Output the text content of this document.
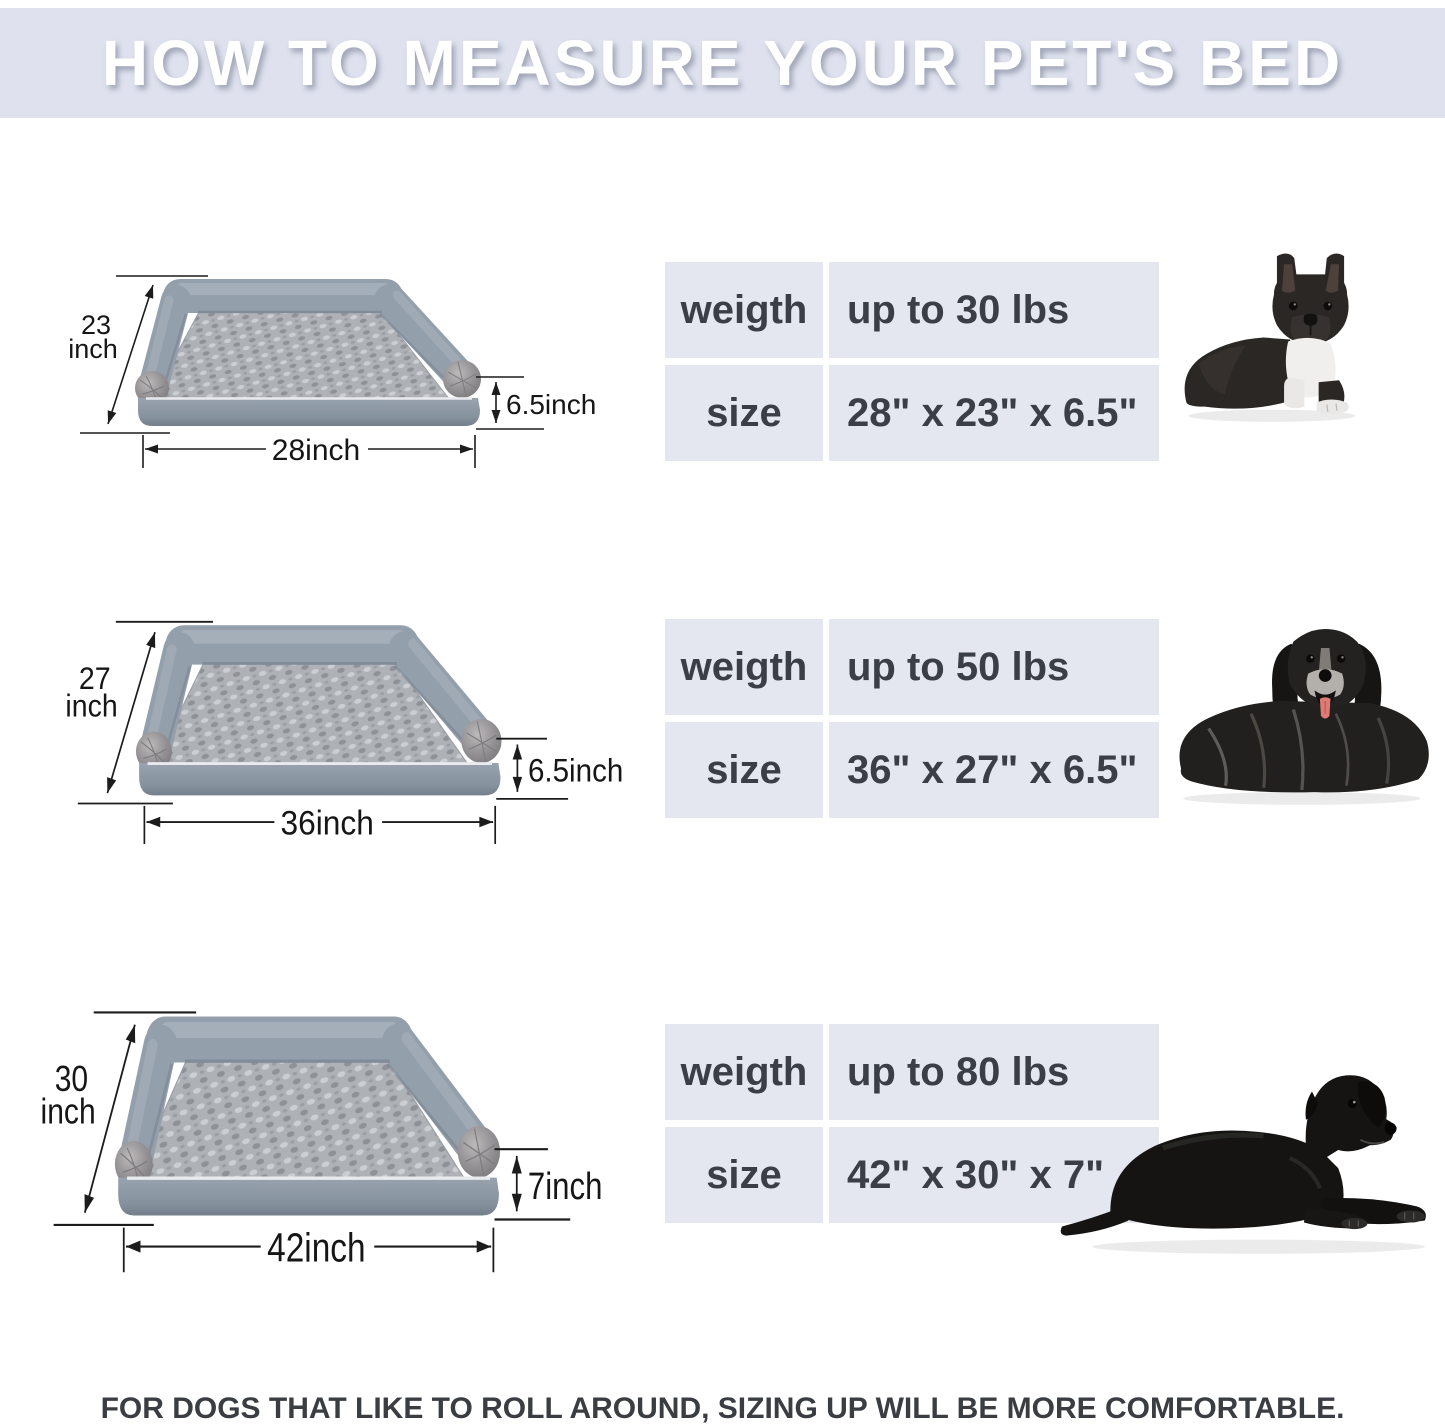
HOW TO MEASURE YOUR PET'S BED
23
inch
6.5inch
28inch
weigth up to 30 lbs
size	28" x 23" x 6.5"
27
inch
6.5inch
36inch
weigth up to 50 lbs
size	36" x 27" x 6.5"
30
inch
7inch
42inch
weigth up to 80 lbs
size	42" x 30" x 7"

FOR DOGS THAT LIKE TO ROLL AROUND, SIZING UP WILL BE MORE COMFORTABLE.
